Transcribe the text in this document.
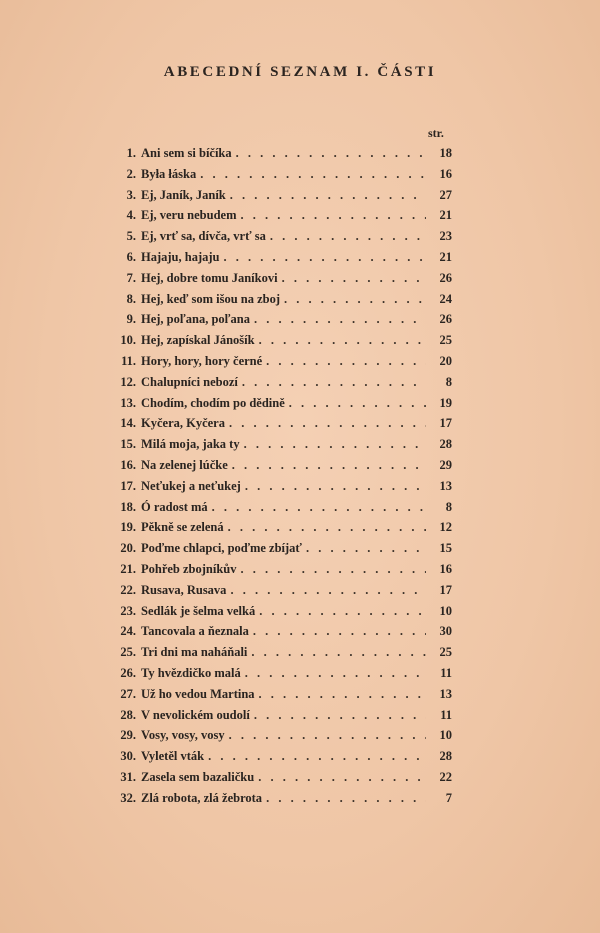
ABECEDNÍ SEZNAM I. ČÁSTI
str.
1. Ani sem si bíčíka . . .	18
2. Była łáska . . .	16
3. Ej, Janík, Janík . . .	27
4. Ej, veru nebudem . . .	21
5. Ej, vrť sa, dívča, vrť sa . . .	23
6. Hajaju, hajaju . . .	21
7. Hej, dobre tomu Janíkovi . . .	26
8. Hej, keď som išou na zboj . . .	24
9. Hej, poľana, poľana . . .	26
10. Hej, zapískal Jánošík . . .	25
11. Hory, hory, hory černé . . .	20
12. Chalupníci nebozí . . .	8
13. Chodím, chodím po dědině . . .	19
14. Kyčera, Kyčera . . .	17
15. Milá moja, jaka ty . . .	28
16. Na zelenej lúčke . . .	29
17. Neťukej a neťukej . . .	13
18. Ó radost má . . .	8
19. Pěkně se zelená . . .	12
20. Poďme chlapci, poďme zbíjať . . .	15
21. Pohřeb zbojníkův . . .	16
22. Rusava, Rusava . . .	17
23. Sedlák je šelma velká . . .	10
24. Tancovala a ňeznala . . .	30
25. Tri dni ma naháňali . . .	25
26. Ty hvězdičko malá . . .	11
27. Už ho vedou Martina . . .	13
28. V nevolickém oudolí . . .	11
29. Vosy, vosy, vosy . . .	10
30. Vyletěl vták . . .	28
31. Zasela sem bazaličku . . .	22
32. Zlá robota, zlá žebrota . . .	7
